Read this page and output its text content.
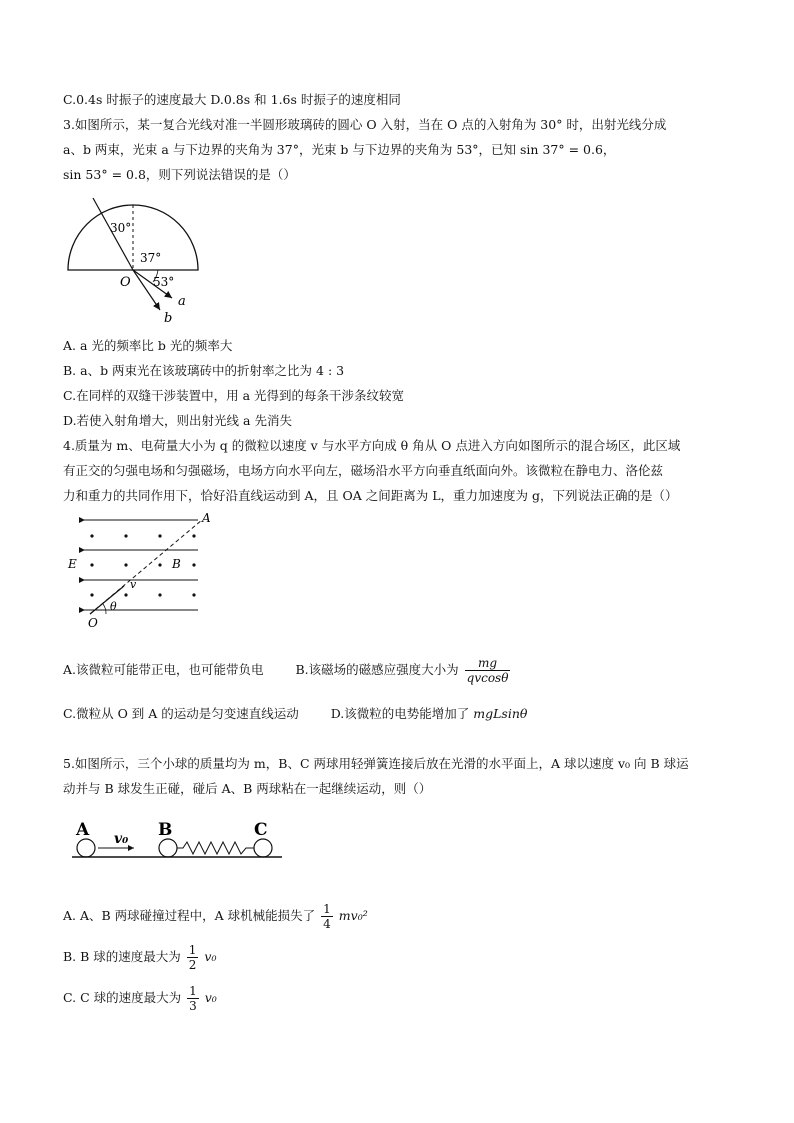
C.0.4s 时振子的速度最大 D.0.8s 和 1.6s 时振子的速度相同
3.如图所示，某一复合光线对准一半圆形玻璃砖的圆心 O 入射，当在 O 点的入射角为 30° 时，出射光线分成
a、b 两束，光束 a 与下边界的夹角为 37°，光束 b 与下边界的夹角为 53°，已知 sin 37° = 0.6，
sin 53° = 0.8，则下列说法错误的是（）
30°
37°
53°
O
a
b
A. a 光的频率比 b 光的频率大
B. a、b 两束光在该玻璃砖中的折射率之比为 4 : 3
C.在同样的双缝干涉装置中，用 a 光得到的每条干涉条纹较宽
D.若使入射角增大，则出射光线 a 先消失
4.质量为 m、电荷量大小为 q 的微粒以速度 v 与水平方向成 θ 角从 O 点进入方向如图所示的混合场区，此区域
有正交的匀强电场和匀强磁场，电场方向水平向左，磁场沿水平方向垂直纸面向外。该微粒在静电力、洛伦兹
力和重力的共同作用下，恰好沿直线运动到 A，且 OA 之间距离为 L，重力加速度为 g，下列说法正确的是（）
A
E	B
v
θ
O
A.该微粒可能带正电，也可能带负电	B.该磁场的磁感应强度大小为 $\frac{mg}{qvcos\theta}$
C.微粒从 O 到 A 的运动是匀变速直线运动	D.该微粒的电势能增加了 mgLsinθ
5.如图所示，三个小球的质量均为 m，B、C 两球用轻弹簧连接后放在光滑的水平面上，A 球以速度 v₀ 向 B 球运
动并与 B 球发生正碰，碰后 A、B 两球粘在一起继续运动，则（）
A v₀ B	C
A. A、B 两球碰撞过程中，A 球机械能损失了 $\frac{1}{4} mv_0^2$
B. B 球的速度最大为 $\frac{1}{2} v_0$
C. C 球的速度最大为 $\frac{1}{3} v_0$
